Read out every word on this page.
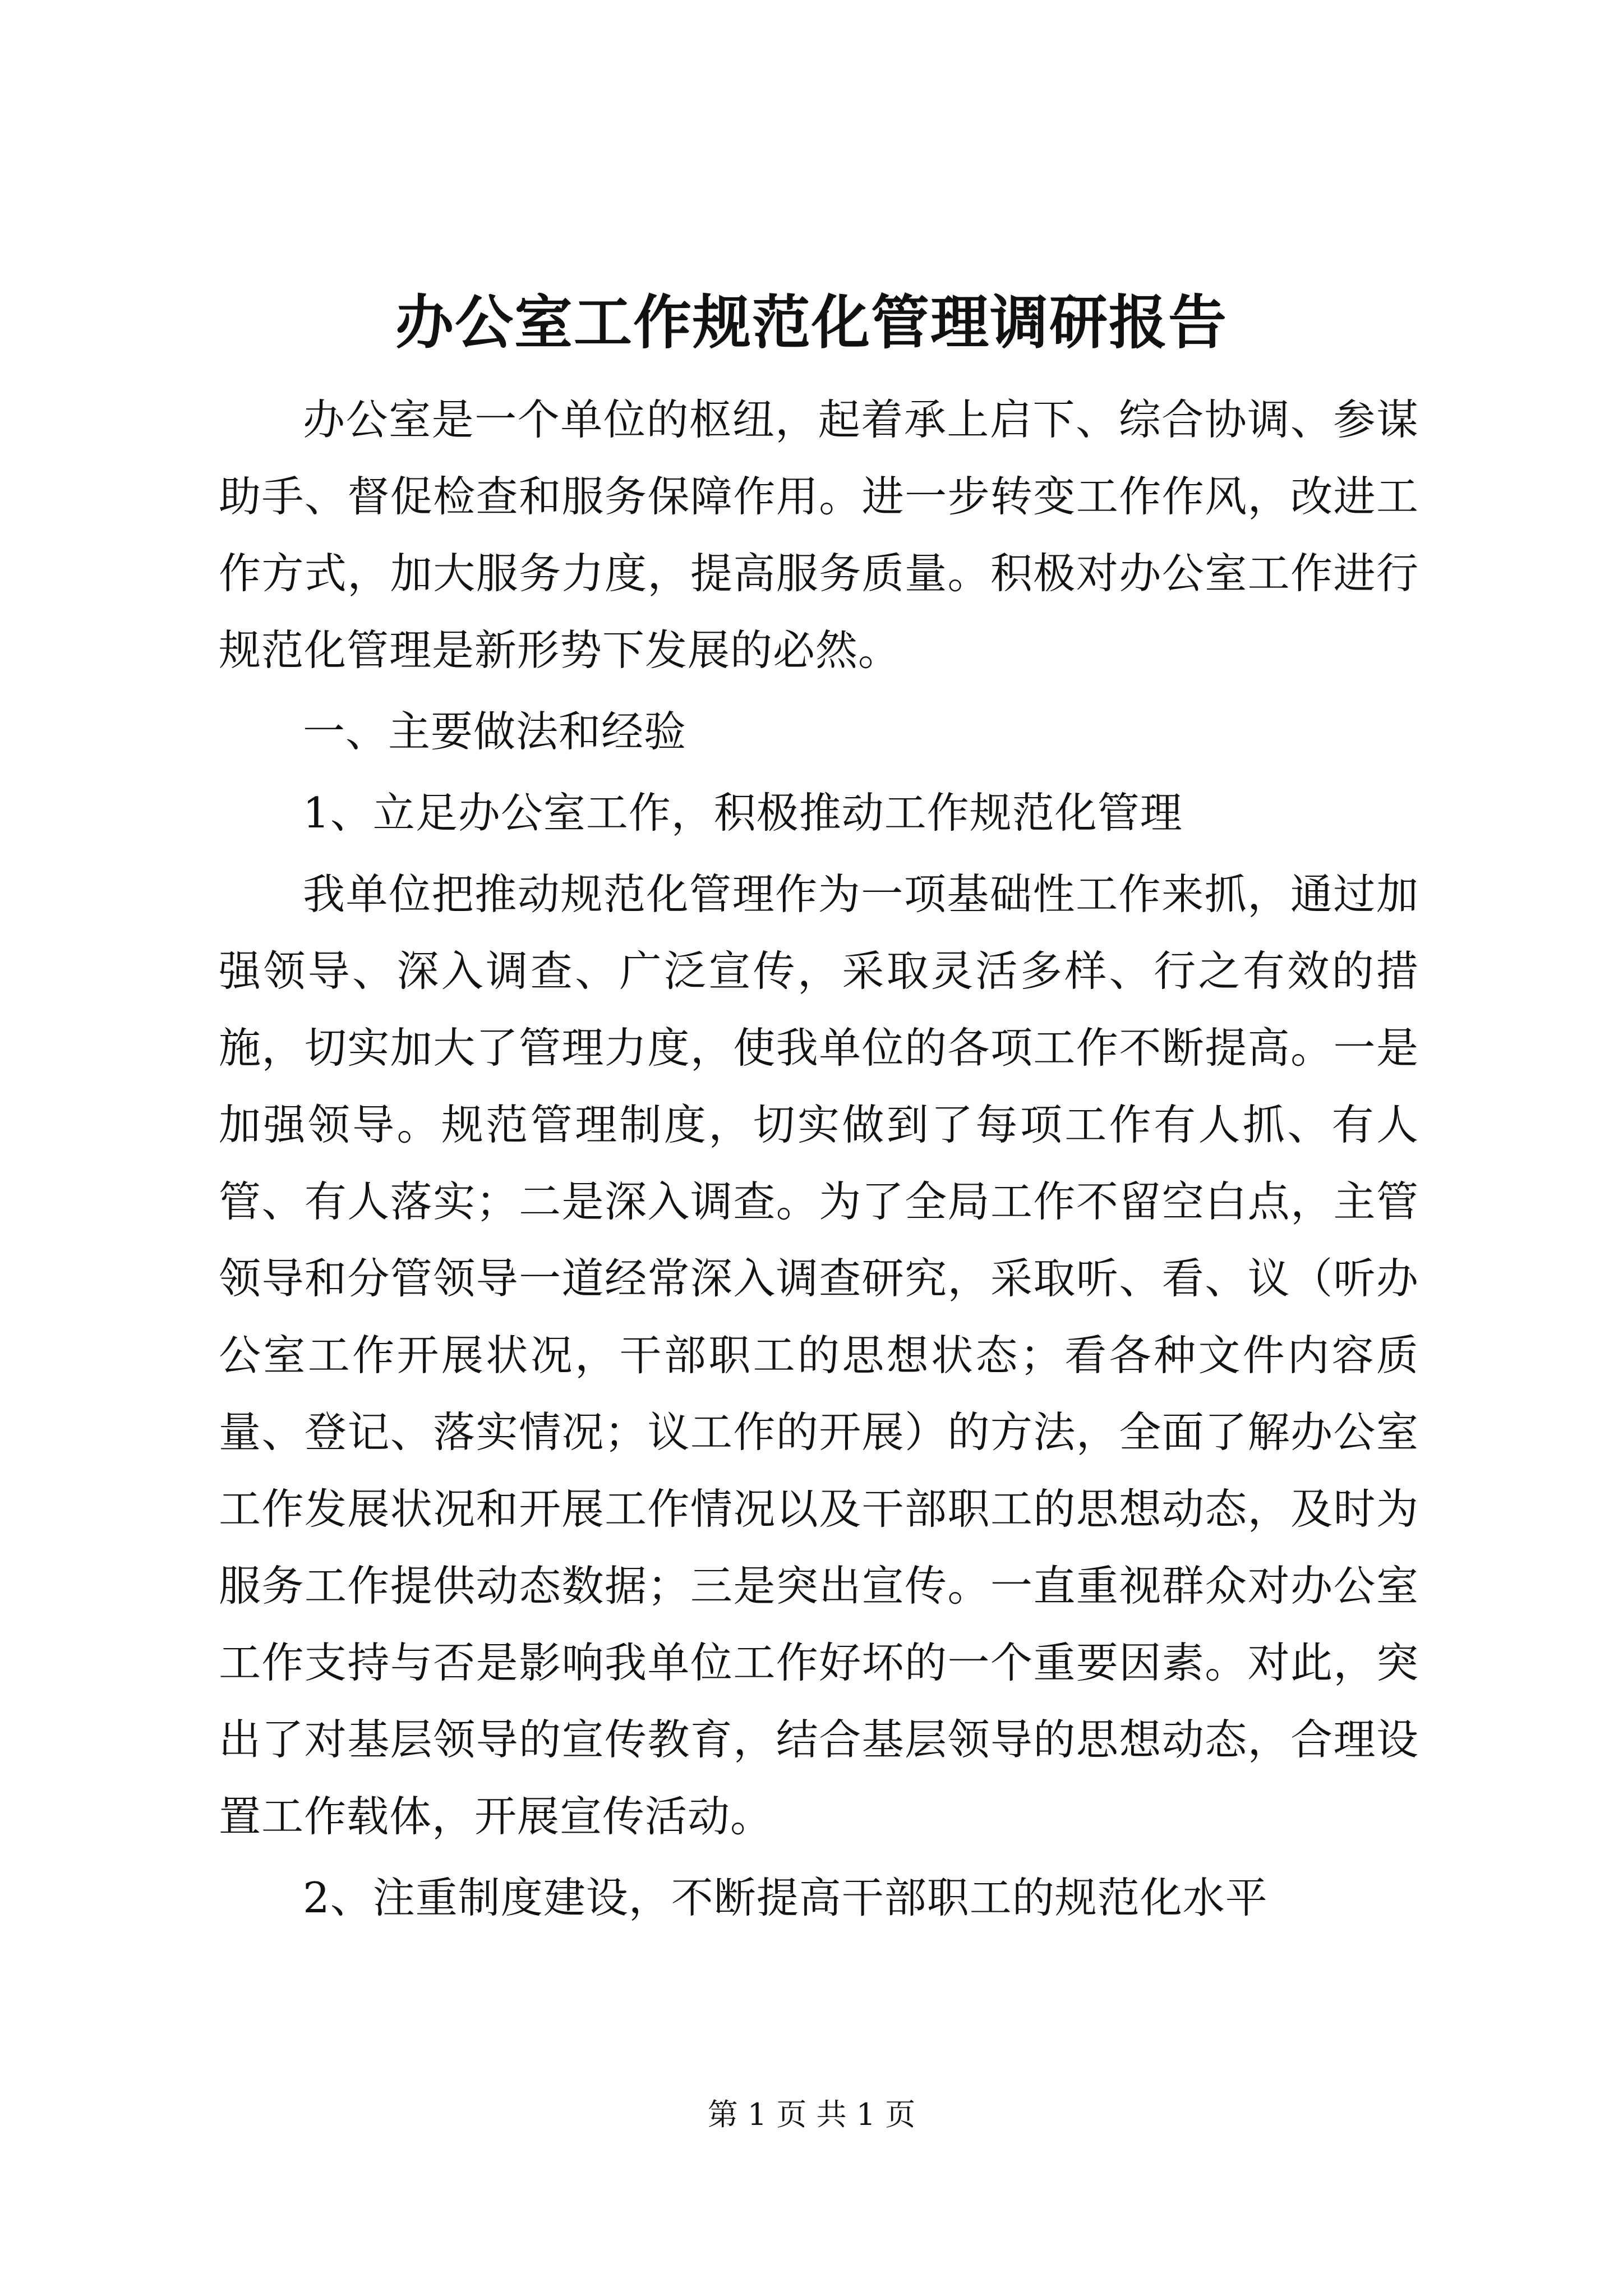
办公室工作规范化管理调研报告

办公室是一个单位的枢纽，起着承上启下、综合协调、参谋助手、督促检查和服务保障作用。进一步转变工作作风，改进工作方式，加大服务力度，提高服务质量。积极对办公室工作进行规范化管理是新形势下发展的必然。

一、主要做法和经验

1、立足办公室工作，积极推动工作规范化管理

我单位把推动规范化管理作为一项基础性工作来抓，通过加强领导、深入调查、广泛宣传，采取灵活多样、行之有效的措施，切实加大了管理力度，使我单位的各项工作不断提高。一是加强领导。规范管理制度，切实做到了每项工作有人抓、有人管、有人落实；二是深入调查。为了全局工作不留空白点，主管领导和分管领导一道经常深入调查研究，采取听、看、议（听办公室工作开展状况，干部职工的思想状态；看各种文件内容质量、登记、落实情况；议工作的开展）的方法，全面了解办公室工作发展状况和开展工作情况以及干部职工的思想动态，及时为服务工作提供动态数据；三是突出宣传。一直重视群众对办公室工作支持与否是影响我单位工作好坏的一个重要因素。对此，突出了对基层领导的宣传教育，结合基层领导的思想动态，合理设置工作载体，开展宣传活动。

2、注重制度建设，不断提高干部职工的规范化水平

第 1 页 共 1 页
